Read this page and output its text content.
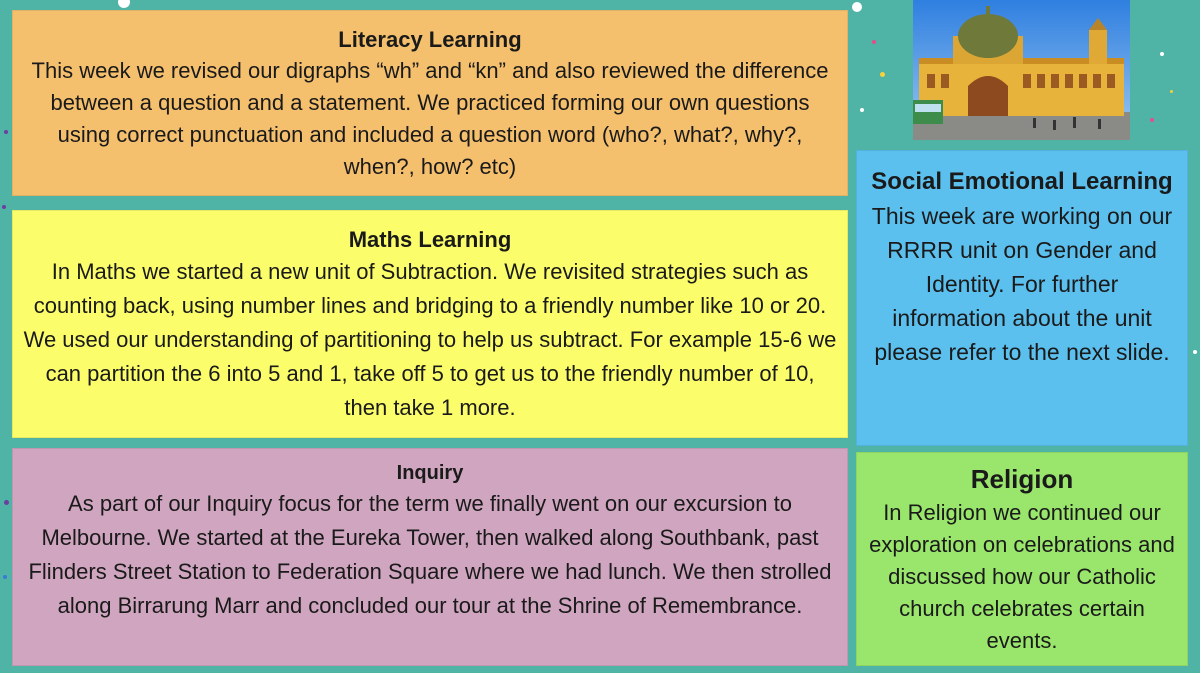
Literacy Learning
This week we revised our digraphs “wh” and “kn” and also reviewed the difference between a question and a statement. We practiced forming our own questions using correct punctuation and included a question word (who?, what?, why?, when?, how? etc)
Maths Learning
In Maths we started a new unit of Subtraction. We revisited strategies such as counting back, using number lines and bridging to a friendly number like 10 or 20. We used our understanding of partitioning to help us subtract. For example 15-6 we can partition the 6 into 5 and 1, take off 5 to get us to the friendly number of 10, then take 1 more.
Inquiry
As part of our Inquiry focus for the term we finally went on our excursion to Melbourne. We started at the Eureka Tower, then walked along Southbank, past Flinders Street Station to Federation Square where we had lunch. We then strolled along Birrarung Marr and concluded our tour at the Shrine of Remembrance.
Social Emotional Learning
This week are working on our RRRR unit on Gender and Identity. For further information about the unit please refer to the next slide.
Religion
In Religion we continued our exploration on celebrations and discussed how our Catholic church celebrates certain events.
